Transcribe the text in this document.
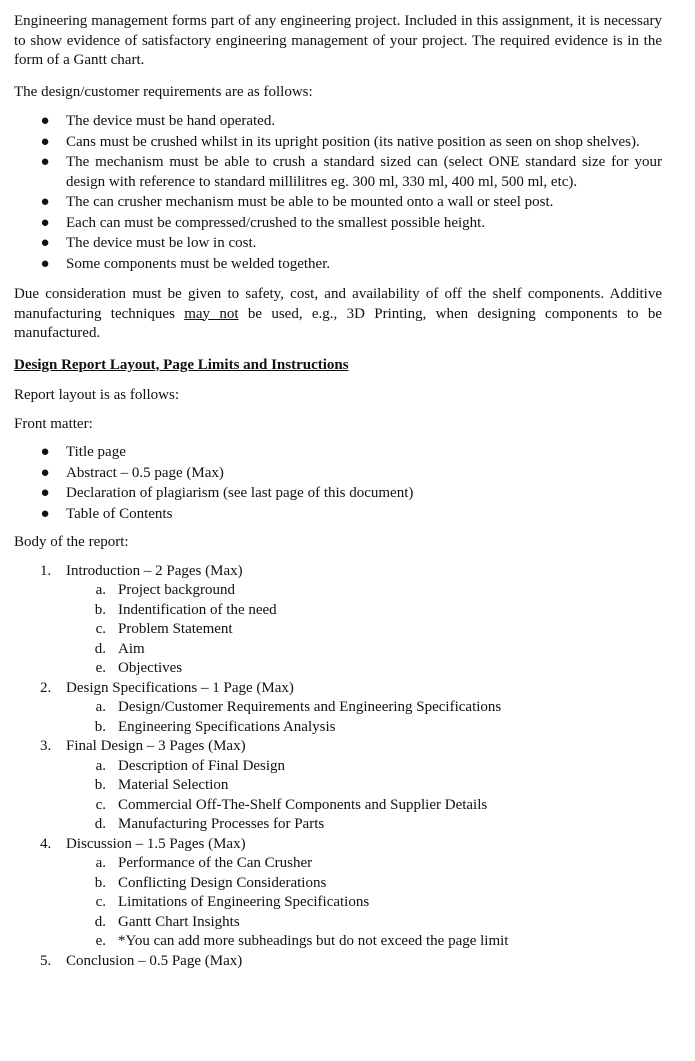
Engineering management forms part of any engineering project. Included in this assignment, it is necessary to show evidence of satisfactory engineering management of your project. The required evidence is in the form of a Gantt chart.

The design/customer requirements are as follows:

● The device must be hand operated.
● Cans must be crushed whilst in its upright position (its native position as seen on shop shelves).
● The mechanism must be able to crush a standard sized can (select ONE standard size for your design with reference to standard millilitres eg. 300 ml, 330 ml, 400 ml, 500 ml, etc).
● The can crusher mechanism must be able to be mounted onto a wall or steel post.
● Each can must be compressed/crushed to the smallest possible height.
● The device must be low in cost.
● Some components must be welded together.

Due consideration must be given to safety, cost, and availability of off the shelf components. Additive manufacturing techniques may not be used, e.g., 3D Printing, when designing components to be manufactured.

Design Report Layout, Page Limits and Instructions

Report layout is as follows:

Front matter:

● Title page
● Abstract – 0.5 page (Max)
● Declaration of plagiarism (see last page of this document)
● Table of Contents

Body of the report:

1. Introduction – 2 Pages (Max)
a. Project background
b. Indentification of the need
c. Problem Statement
d. Aim
e. Objectives
2. Design Specifications – 1 Page (Max)
a. Design/Customer Requirements and Engineering Specifications
b. Engineering Specifications Analysis
3. Final Design – 3 Pages (Max)
a. Description of Final Design
b. Material Selection
c. Commercial Off-The-Shelf Components and Supplier Details
d. Manufacturing Processes for Parts
4. Discussion – 1.5 Pages (Max)
a. Performance of the Can Crusher
b. Conflicting Design Considerations
c. Limitations of Engineering Specifications
d. Gantt Chart Insights
e. *You can add more subheadings but do not exceed the page limit
5. Conclusion – 0.5 Page (Max)
